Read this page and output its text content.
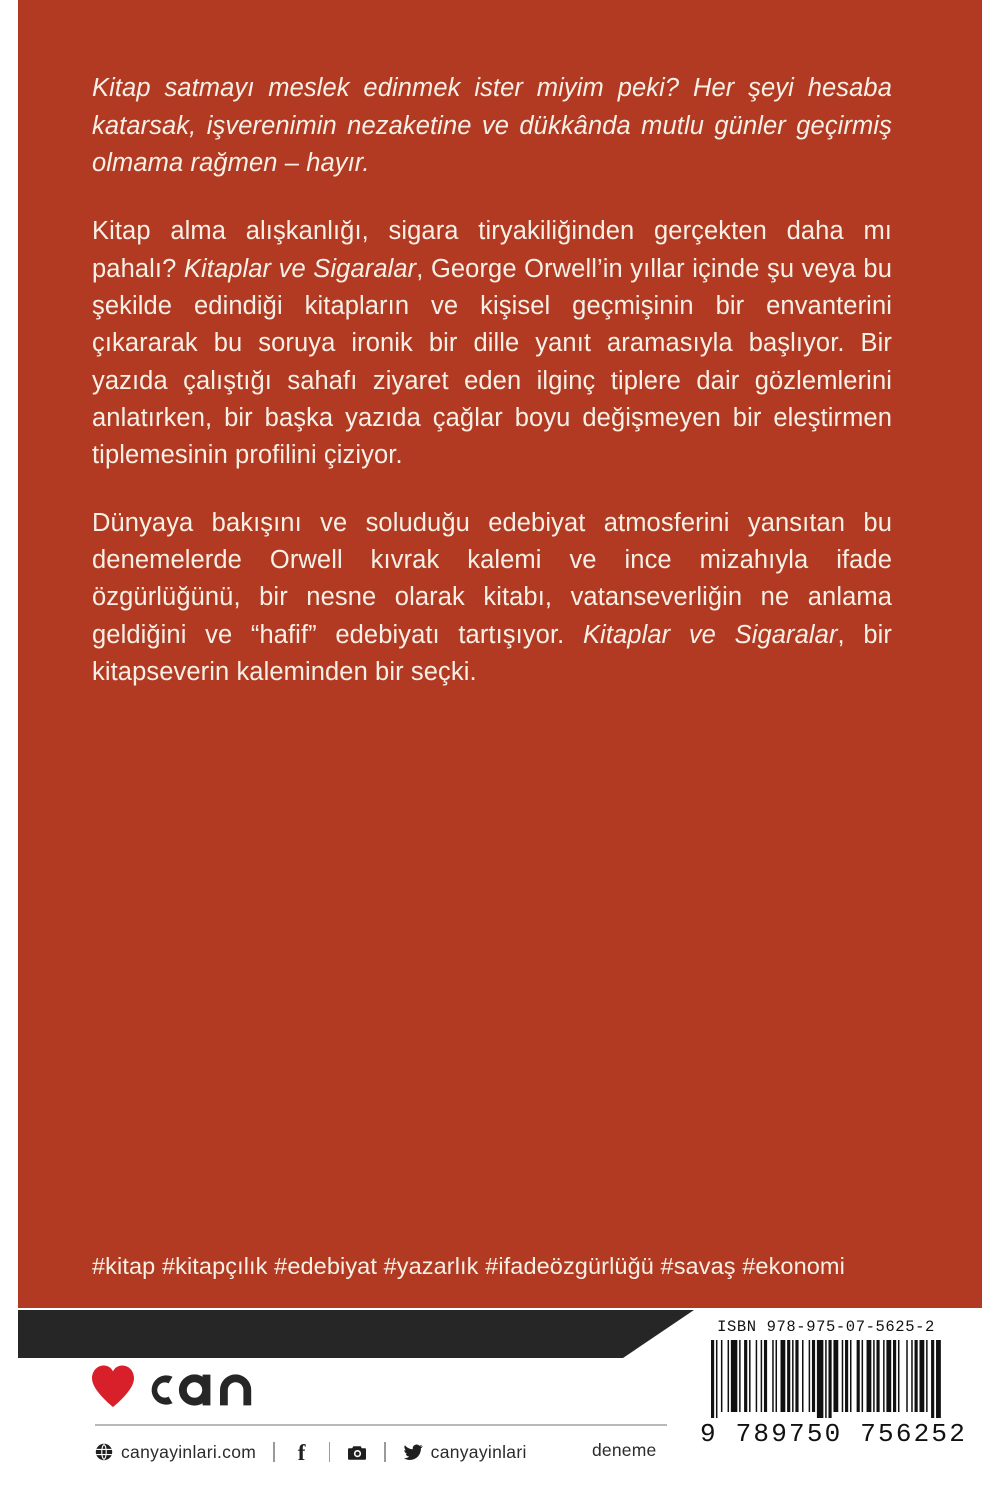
Kitap satmayı meslek edinmek ister miyim peki? Her şeyi hesaba katarsak, işverenimin nezaketine ve dükkânda mutlu günler geçirmiş olmama rağmen – hayır.

Kitap alma alışkanlığı, sigara tiryakiliğinden gerçekten daha mı pahalı? Kitaplar ve Sigaralar, George Orwell’in yıllar içinde şu veya bu şekilde edindiği kitapların ve kişisel geçmişinin bir envanterini çıkararak bu soruya ironik bir dille yanıt aramasıyla başlıyor. Bir yazıda çalıştığı sahafı ziyaret eden ilginç tiplere dair gözlemlerini anlatırken, bir başka yazıda çağlar boyu değişmeyen bir eleştirmen tiplemesinin profilini çiziyor.

Dünyaya bakışını ve soluduğu edebiyat atmosferini yansıtan bu denemelerde Orwell kıvrak kalemi ve ince mizahıyla ifade özgürlüğünü, bir nesne olarak kitabı, vatanseverliğin ne anlama geldiğini ve “hafif” edebiyatı tartışıyor. Kitaplar ve Sigaralar, bir kitapseverin kaleminden bir seçki.

#kitap #kitapçılık #edebiyat #yazarlık #ifadeözgürlüğü #savaş #ekonomi
canyayinlari.com f	canyayinlari	deneme

ISBN 978-975-07-5625-2

9 789750 756252
